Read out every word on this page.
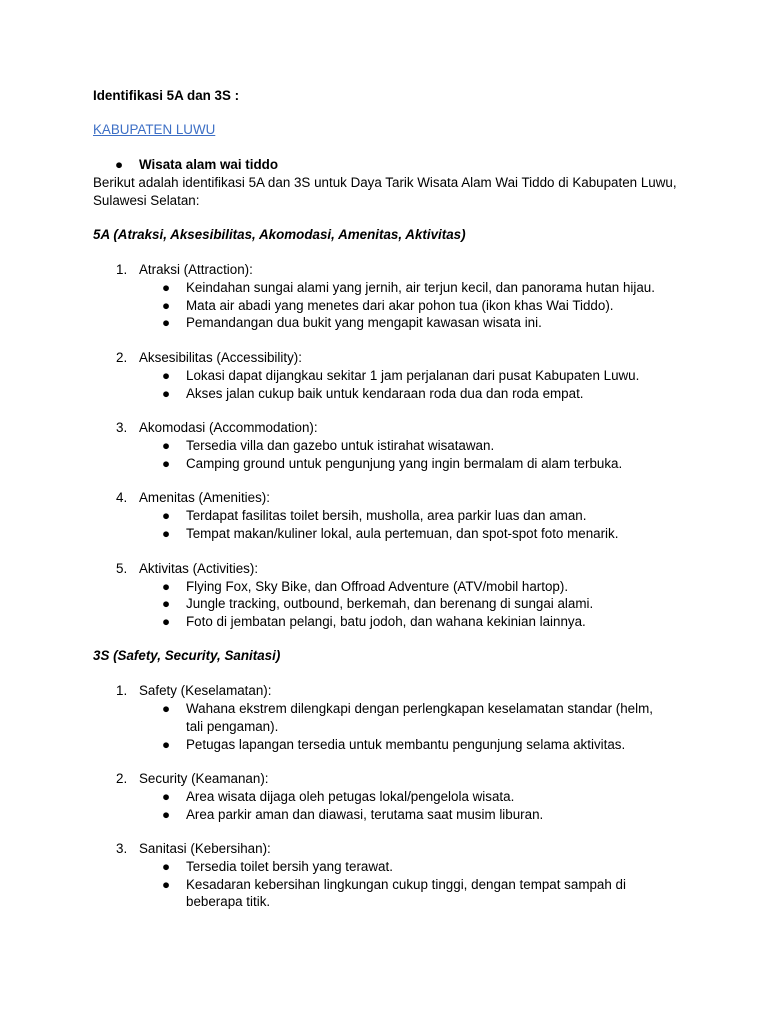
Identifikasi 5A dan 3S :
KABUPATEN LUWU
● Wisata alam wai tiddo

Berikut adalah identifikasi 5A dan 3S untuk Daya Tarik Wisata Alam Wai Tiddo di Kabupaten Luwu, Sulawesi Selatan:

5A (Atraksi, Aksesibilitas, Akomodasi, Amenitas, Aktivitas)
1. Atraksi (Attraction):
● Keindahan sungai alami yang jernih, air terjun kecil, dan panorama hutan hijau.
● Mata air abadi yang menetes dari akar pohon tua (ikon khas Wai Tiddo).
● Pemandangan dua bukit yang mengapit kawasan wisata ini.
2. Aksesibilitas (Accessibility):
● Lokasi dapat dijangkau sekitar 1 jam perjalanan dari pusat Kabupaten Luwu.
● Akses jalan cukup baik untuk kendaraan roda dua dan roda empat.
3. Akomodasi (Accommodation):
● Tersedia villa dan gazebo untuk istirahat wisatawan.
● Camping ground untuk pengunjung yang ingin bermalam di alam terbuka.
4. Amenitas (Amenities):
● Terdapat fasilitas toilet bersih, musholla, area parkir luas dan aman.
● Tempat makan/kuliner lokal, aula pertemuan, dan spot-spot foto menarik.
5. Aktivitas (Activities):
● Flying Fox, Sky Bike, dan Offroad Adventure (ATV/mobil hartop).
● Jungle tracking, outbound, berkemah, dan berenang di sungai alami.
● Foto di jembatan pelangi, batu jodoh, dan wahana kekinian lainnya.
3S (Safety, Security, Sanitasi)
1. Safety (Keselamatan):
● Wahana ekstrem dilengkapi dengan perlengkapan keselamatan standar (helm, tali pengaman).
● Petugas lapangan tersedia untuk membantu pengunjung selama aktivitas.
2. Security (Keamanan):
● Area wisata dijaga oleh petugas lokal/pengelola wisata.
● Area parkir aman dan diawasi, terutama saat musim liburan.
3. Sanitasi (Kebersihan):
● Tersedia toilet bersih yang terawat.
● Kesadaran kebersihan lingkungan cukup tinggi, dengan tempat sampah di beberapa titik.
